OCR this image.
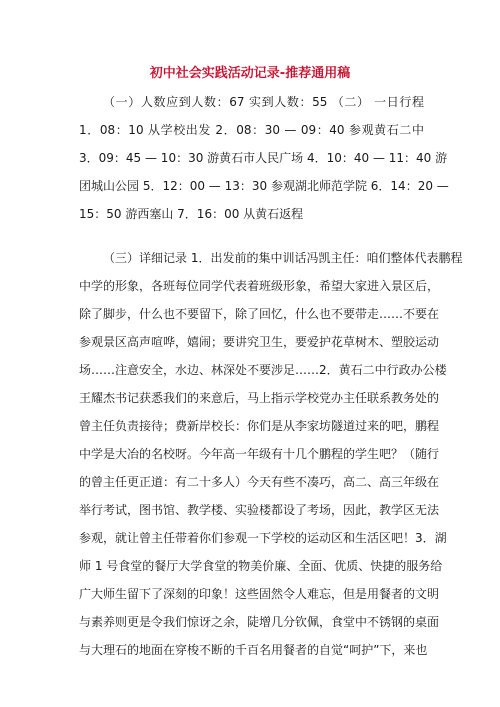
初中社会实践活动记录-推荐通用稿
（一）人数应到人数：67 实到人数：55 （二） 一日行程
1．08：10 从学校出发 2．08：30 — 09：40 参观黄石二中
3．09：45 — 10：30 游黄石市人民广场 4．10：40 — 11：40 游
团城山公园 5．12：00 — 13：30 参观湖北师范学院 6．14：20 —
15：50 游西塞山 7．16：00 从黄石返程
（三）详细记录 1．出发前的集中训话冯凯主任：咱们整体代表鹏程
中学的形象，各班每位同学代表着班级形象，希望大家进入景区后，
除了脚步，什么也不要留下，除了回忆，什么也不要带走……不要在
参观景区高声喧哗，嬉闹；要讲究卫生，要爱护花草树木、塑胶运动
场……注意安全，水边、林深处不要涉足……2．黄石二中行政办公楼
王耀杰书记获悉我们的来意后，马上指示学校党办主任联系教务处的
曾主任负责接待；费新岸校长：你们是从李家坊隧道过来的吧，鹏程
中学是大冶的名校呀。今年高一年级有十几个鹏程的学生吧？（随行
的曾主任更正道：有二十多人）今天有些不凑巧，高二、高三年级在
举行考试，图书馆、教学楼、实验楼都设了考场，因此，教学区无法
参观，就让曾主任带着你们参观一下学校的运动区和生活区吧！3．湖
师 1 号食堂的餐厅大学食堂的物美价廉、全面、优质、快捷的服务给
广大师生留下了深刻的印象！这些固然令人难忘，但是用餐者的文明
与素养则更是令我们惊讶之余，陡增几分钦佩，食堂中不锈钢的桌面
与大理石的地面在穿梭不断的千百名用餐者的自觉“呵护”下，来也
